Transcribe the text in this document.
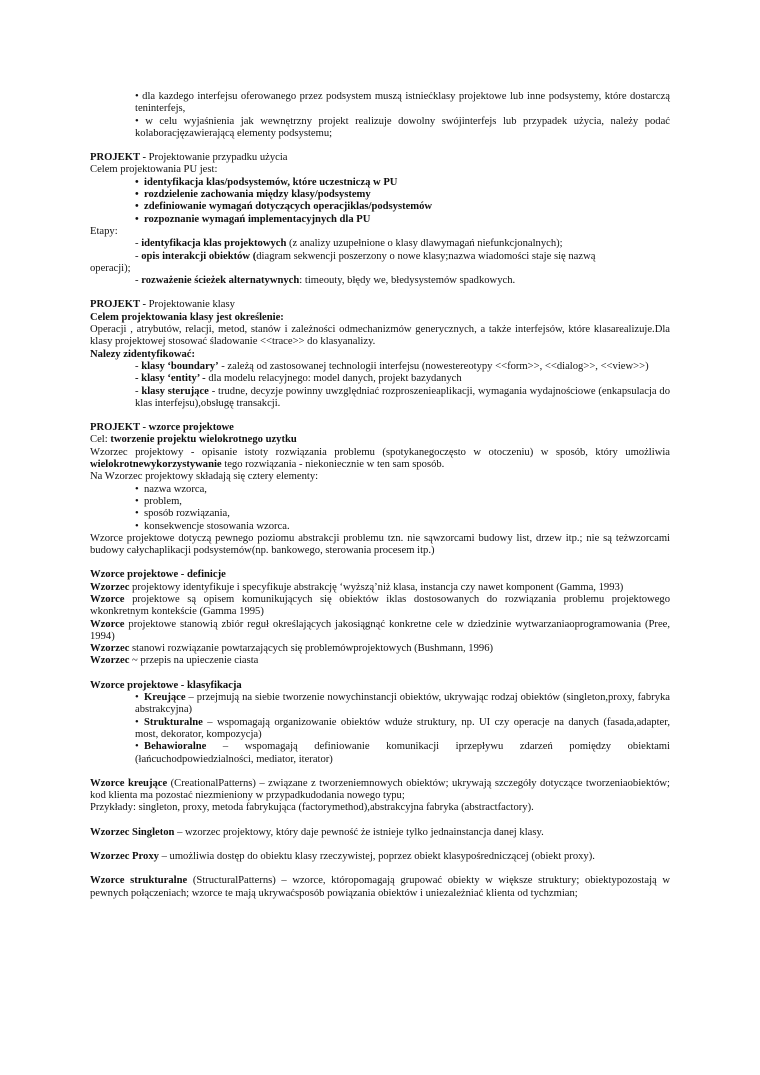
• dla kazdego interfejsu oferowanego przez podsystem muszą istniećklasy projektowe lub inne podsystemy, które dostarczą teninterfejs,

• w celu wyjaśnienia jak wewnętrzny projekt realizuje dowolny swójinterfejs lub przypadek użycia, należy podać kolaboracjęzawierającą elementy podsystemu;

PROJEKT - Projektowanie przypadku użycia

Celem projektowania PU jest:

• identyfikacja klas/podsystemów, które uczestniczą w PU

• rozdzielenie zachowania między klasy/podsystemy

• zdefiniowanie wymagań dotyczących operacjiklas/podsystemów

• rozpoznanie wymagań implementacyjnych dla PU

Etapy:

- identyfikacja klas projektowych (z analizy uzupełnione o klasy dlawymagań niefunkcjonalnych);

- opis interakcji obiektów (diagram sekwencji poszerzony o nowe klasy;nazwa wiadomości staje się nazwą

operacji);

- rozważenie ścieżek alternatywnych: timeouty, błędy we, błedysystemów spadkowych.

PROJEKT - Projektowanie klasy

Celem projektowania klasy jest określenie:

Operacji , atrybutów, relacji, metod, stanów i zależności odmechanizmów generycznych, a także interfejsów, które klasarealizuje.Dla klasy projektowej stosować śladowanie <<trace>> do klasyanalizy.

Nalezy zidentyfikować:

- klasy ‘boundary’ - zależą od zastosowanej technologii interfejsu (nowestereotypy <<form>>, <<dialog>>, <<view>>)

- klasy ‘entity’ - dla modelu relacyjnego: model danych, projekt bazydanych

- klasy sterujące - trudne, decyzje powinny uwzględniać rozproszenieaplikacji, wymagania wydajnościowe (enkapsulacja do klas interfejsu),obsługę transakcji.

PROJEKT - wzorce projektowe

Cel: tworzenie projektu wielokrotnego uzytku

Wzorzec projektowy - opisanie istoty rozwiązania problemu (spotykanegoczęsto w otoczeniu) w sposób, który umożliwia wielokrotnewykorzystywanie tego rozwiązania - niekoniecznie w ten sam sposób.

Na Wzorzec projektowy składają się cztery elementy:

• nazwa wzorca,

• problem,

• sposób rozwiązania,

• konsekwencje stosowania wzorca.

Wzorce projektowe dotyczą pewnego poziomu abstrakcji problemu tzn. nie sąwzorcami budowy list, drzew itp.; nie są teżwzorcami budowy całychaplikacji podsystemów(np. bankowego, sterowania procesem itp.)

Wzorce projektowe - definicje

Wzorzec projektowy identyfikuje i specyfikuje abstrakcję ‘wyższą’niż klasa, instancja czy nawet komponent (Gamma, 1993)

Wzorce projektowe są opisem komunikujących się obiektów iklas dostosowanych do rozwiązania problemu projektowego wkonkretnym kontekście (Gamma 1995)

Wzorce projektowe stanowią zbiór reguł określających jakosiągnąć konkretne cele w dziedzinie wytwarzaniaoprogramowania (Pree, 1994)

Wzorzec stanowi rozwiązanie powtarzających się problemówprojektowych (Bushmann, 1996)

Wzorzec ~ przepis na upieczenie ciasta

Wzorce projektowe - klasyfikacja

• Kreujące – przejmują na siebie tworzenie nowychinstancji obiektów, ukrywając rodzaj obiektów (singleton,proxy, fabryka abstrakcyjna)

• Strukturalne – wspomagają organizowanie obiektów wduże struktury, np. UI czy operacje na danych (fasada,adapter, most, dekorator, kompozycja)

• Behawioralne – wspomagają definiowanie komunikacji iprzepływu zdarzeń pomiędzy obiektami (łańcuchodpowiedzialności, mediator, iterator)

Wzorce kreujące (CreationalPatterns) – związane z tworzeniemnowych obiektów; ukrywają szczegóły dotyczące tworzeniaobiektów; kod klienta ma pozostać niezmieniony w przypadkudodania nowego typu;

Przykłady: singleton, proxy, metoda fabrykująca (factorymethod),abstrakcyjna fabryka (abstractfactory).

Wzorzec Singleton – wzorzec projektowy, który daje pewność że istnieje tylko jednainstancja danej klasy.

Wzorzec Proxy – umożliwia dostęp do obiektu klasy rzeczywistej, poprzez obiekt klasypośredniczącej (obiekt proxy).

Wzorce strukturalne (StructuralPatterns) – wzorce, któropomagają grupować obiekty w większe struktury; obiektypozostają w pewnych połączeniach; wzorce te mają ukrywaćsposób powiązania obiektów i uniezależniać klienta od tychzmian;
